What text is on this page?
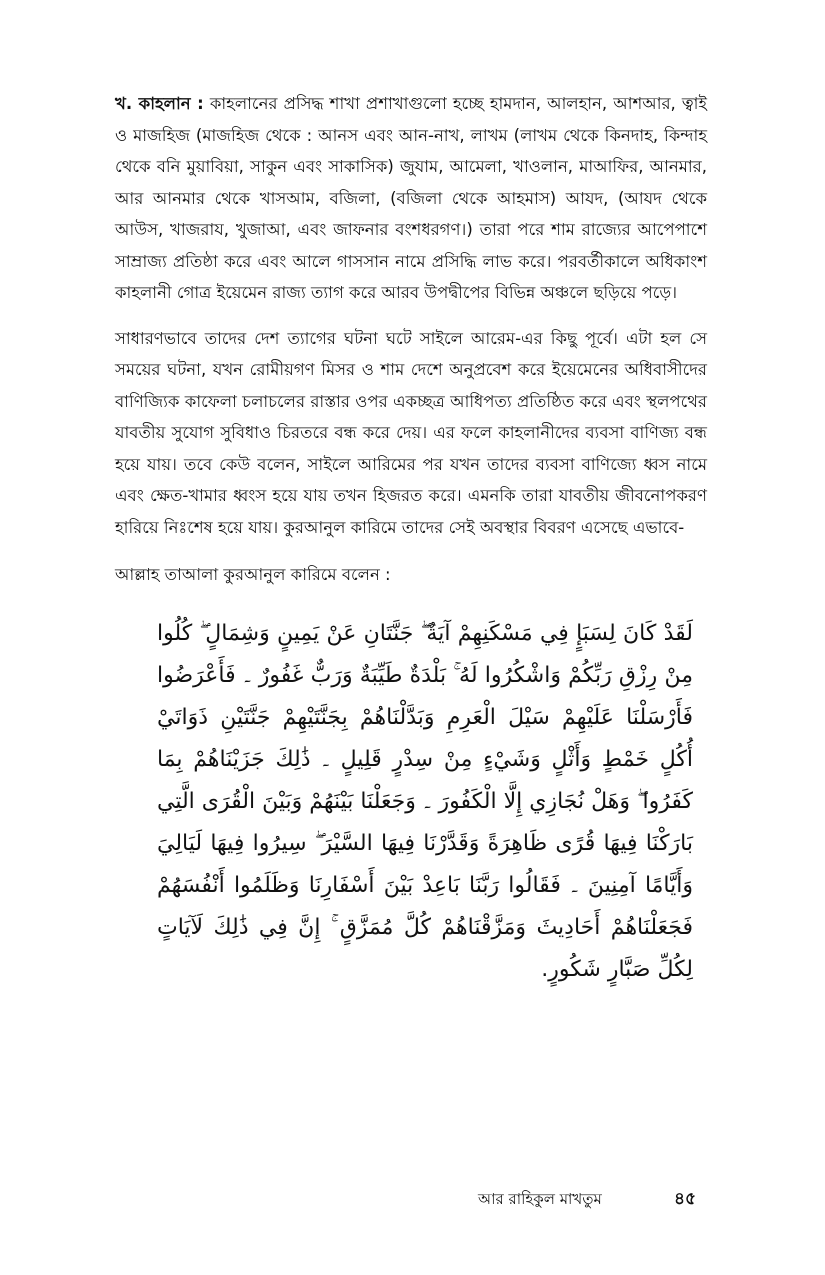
খ. কাহলান : কাহলানের প্রসিদ্ধ শাখা প্রশাখাগুলো হচ্ছে হামদান, আলহান, আশআর, ত্বাই ও মাজহিজ (মাজহিজ থেকে : আনস এবং আন-নাখ, লাখম (লাখম থেকে কিনদাহ, কিন্দাহ থেকে বনি মুয়াবিয়া, সাকুন এবং সাকাসিক) জুযাম, আমেলা, খাওলান, মাআফির, আনমার, আর আনমার থেকে খাসআম, বজিলা, (বজিলা থেকে আহমাস) আযদ, (আযদ থেকে আউস, খাজরায, খুজাআ, এবং জাফনার বংশধরগণ।) তারা পরে শাম রাজ্যের আপেপাশে সাম্রাজ্য প্রতিষ্ঠা করে এবং আলে গাসসান নামে প্রসিদ্ধি লাভ করে। পরবর্তীকালে অধিকাংশ কাহলানী গোত্র ইয়েমেন রাজ্য ত্যাগ করে আরব উপদ্বীপের বিভিন্ন অঞ্চলে ছড়িয়ে পড়ে।

সাধারণভাবে তাদের দেশ ত্যাগের ঘটনা ঘটে সাইলে আরেম-এর কিছু পূর্বে। এটা হল সে সময়ের ঘটনা, যখন রোমীয়গণ মিসর ও শাম দেশে অনুপ্রবেশ করে ইয়েমেনের অধিবাসীদের বাণিজ্যিক কাফেলা চলাচলের রাস্তার ওপর একচ্ছত্র আধিপত্য প্রতিষ্ঠিত করে এবং স্থলপথের যাবতীয় সুযোগ সুবিধাও চিরতরে বন্ধ করে দেয়। এর ফলে কাহলানীদের ব্যবসা বাণিজ্য বন্ধ হয়ে যায়। তবে কেউ বলেন, সাইলে আরিমের পর যখন তাদের ব্যবসা বাণিজ্যে ধ্বস নামে এবং ক্ষেত-খামার ধ্বংস হয়ে যায় তখন হিজরত করে। এমনকি তারা যাবতীয় জীবনোপকরণ হারিয়ে নিঃশেষ হয়ে যায়। কুরআনুল কারিমে তাদের সেই অবস্থার বিবরণ এসেছে এভাবে-

আল্লাহ তাআলা কুরআনুল কারিমে বলেন :

لَقَدْ كَانَ لِسَبَإٍ فِي مَسْكَنِهِمْ آيَةٌ ۖ جَنَّتَانِ عَنْ يَمِينٍ وَشِمَالٍ ۖ كُلُوا مِنْ رِزْقِ رَبِّكُمْ وَاشْكُرُوا لَهُ ۚ بَلْدَةٌ طَيِّبَةٌ وَرَبٌّ غَفُورٌ ۔ فَأَعْرَضُوا فَأَرْسَلْنَا عَلَيْهِمْ سَيْلَ الْعَرِمِ وَبَدَّلْنَاهُمْ بِجَنَّتَيْهِمْ جَنَّتَيْنِ ذَوَاتَيْ أُكُلٍ خَمْطٍ وَأَثْلٍ وَشَيْءٍ مِنْ سِدْرٍ قَلِيلٍ ۔ ذَٰلِكَ جَزَيْنَاهُمْ بِمَا كَفَرُوا ۖ وَهَلْ نُجَازِي إِلَّا الْكَفُورَ ۔ وَجَعَلْنَا بَيْنَهُمْ وَبَيْنَ الْقُرَى الَّتِي بَارَكْنَا فِيهَا قُرًى ظَاهِرَةً وَقَدَّرْنَا فِيهَا السَّيْرَ ۖ سِيرُوا فِيهَا لَيَالِيَ وَأَيَّامًا آمِنِينَ ۔ فَقَالُوا رَبَّنَا بَاعِدْ بَيْنَ أَسْفَارِنَا وَظَلَمُوا أَنْفُسَهُمْ فَجَعَلْنَاهُمْ أَحَادِيثَ وَمَزَّقْنَاهُمْ كُلَّ مُمَزَّقٍ ۚ إِنَّ فِي ذَٰلِكَ لَآيَاتٍ لِكُلِّ صَبَّارٍ شَكُورٍ.

আর রাহিকুল মাখতুম	৪৫
